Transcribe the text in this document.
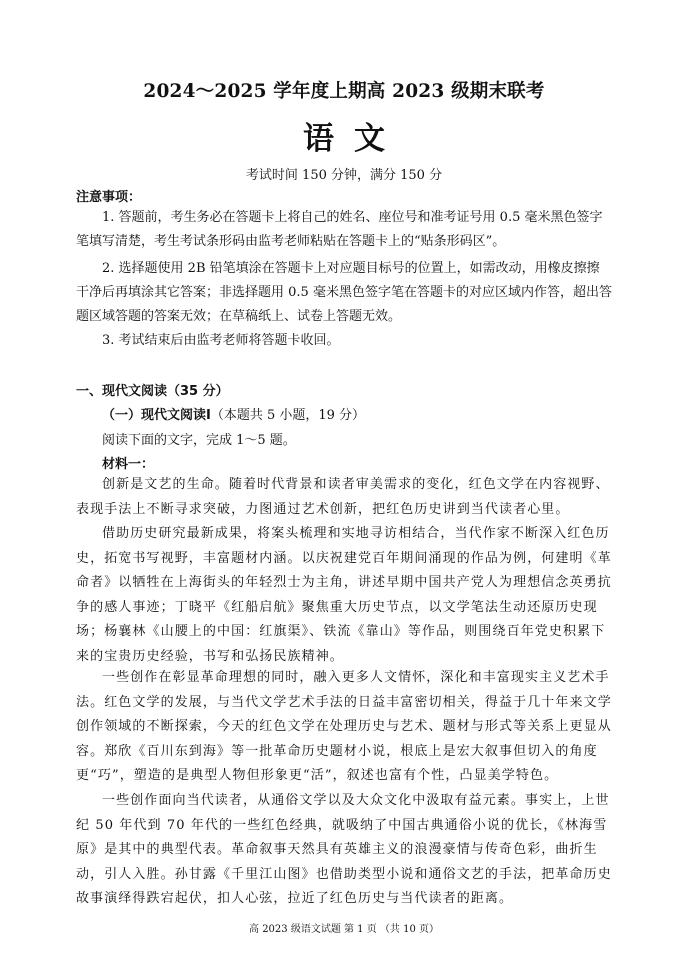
2024～2025 学年度上期高 2023 级期末联考
语文
考试时间 150 分钟，满分 150 分
注意事项：
1. 答题前，考生务必在答题卡上将自己的姓名、座位号和准考证号用 0.5 毫米黑色签字笔填写清楚，考生考试条形码由监考老师粘贴在答题卡上的“贴条形码区”。
2. 选择题使用 2B 铅笔填涂在答题卡上对应题目标号的位置上，如需改动，用橡皮擦擦干净后再填涂其它答案；非选择题用 0.5 毫米黑色签字笔在答题卡的对应区域内作答，超出答题区域答题的答案无效；在草稿纸上、试卷上答题无效。
3. 考试结束后由监考老师将答题卡收回。
一、现代文阅读（35 分）
（一）现代文阅读Ⅰ（本题共 5 小题，19 分）
阅读下面的文字，完成 1～5 题。
材料一：
创新是文艺的生命。随着时代背景和读者审美需求的变化，红色文学在内容视野、表现手法上不断寻求突破，力图通过艺术创新，把红色历史讲到当代读者心里。
借助历史研究最新成果，将案头梳理和实地寻访相结合，当代作家不断深入红色历史，拓宽书写视野，丰富题材内涵。以庆祝建党百年期间涌现的作品为例，何建明《革命者》以牺牲在上海街头的年轻烈士为主角，讲述早期中国共产党人为理想信念英勇抗争的感人事迹；丁晓平《红船启航》聚焦重大历史节点，以文学笔法生动还原历史现场；杨襄林《山腰上的中国：红旗渠》、铁流《靠山》等作品，则围绕百年党史积累下来的宝贵历史经验，书写和弘扬民族精神。
一些创作在彰显革命理想的同时，融入更多人文情怀，深化和丰富现实主义艺术手法。红色文学的发展，与当代文学艺术手法的日益丰富密切相关，得益于几十年来文学创作领域的不断探索，今天的红色文学在处理历史与艺术、题材与形式等关系上更显从容。郑欣《百川东到海》等一批革命历史题材小说，根底上是宏大叙事但切入的角度更“巧”，塑造的是典型人物但形象更“活”，叙述也富有个性，凸显美学特色。
一些创作面向当代读者，从通俗文学以及大众文化中汲取有益元素。事实上，上世纪 50 年代到 70 年代的一些红色经典，就吸纳了中国古典通俗小说的优长，《林海雪原》是其中的典型代表。革命叙事天然具有英雄主义的浪漫豪情与传奇色彩，曲折生动，引人入胜。孙甘露《千里江山图》也借助类型小说和通俗文艺的手法，把革命历史故事演绎得跌宕起伏，扣人心弦，拉近了红色历史与当代读者的距离。
高 2023 级语文试题 第 1 页 （共 10 页）
